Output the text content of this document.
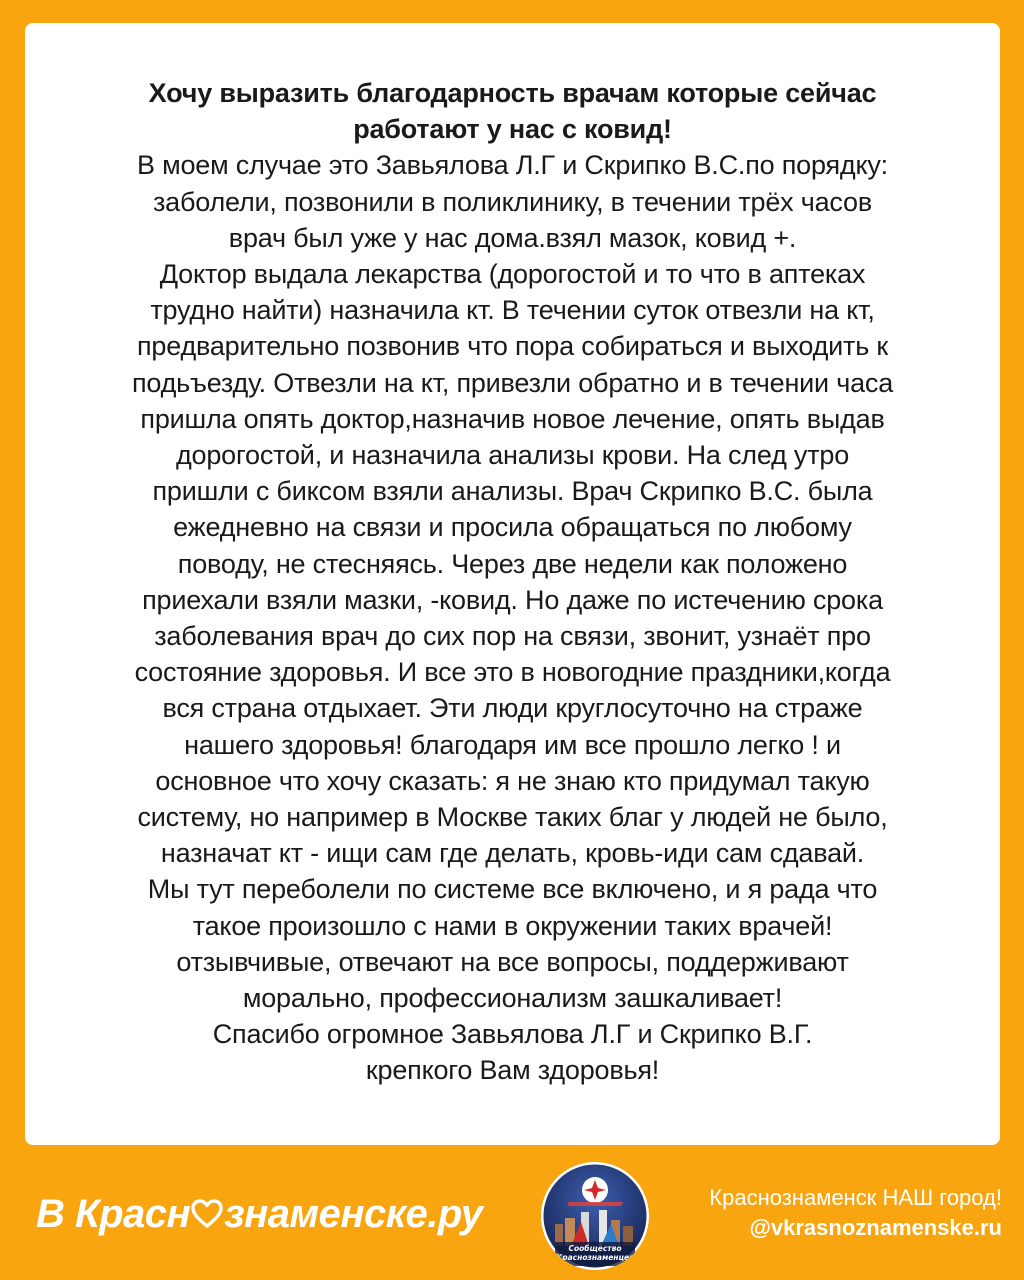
Хочу выразить благодарность врачам которые сейчас
работают у нас с ковид!
В моем случае это Завьялова Л.Г и Скрипко В.С.по порядку:
заболели, позвонили в поликлинику, в течении трёх часов
врач был уже у нас дома.взял мазок, ковид +.
Доктор выдала лекарства (дорогостой и то что в аптеках
трудно найти) назначила кт. В течении суток отвезли на кт,
предварительно позвонив что пора собираться и выходить к
подьъезду. Отвезли на кт, привезли обратно и в течении часа
пришла опять доктор,назначив новое лечение, опять выдав
дорогостой, и назначила анализы крови. На след утро
пришли с биксом взяли анализы. Врач Скрипко В.С. была
ежедневно на связи и просила обращаться по любому
поводу, не стесняясь. Через две недели как положено
приехали взяли мазки, -ковид. Но даже по истечению срока
заболевания врач до сих пор на связи, звонит, узнаёт про
состояние здоровья. И все это в новогодние праздники,когда
вся страна отдыхает. Эти люди круглосуточно на страже
нашего здоровья! благодаря им все прошло легко ! и
основное что хочу сказать: я не знаю кто придумал такую
систему, но например в Москве таких благ у людей не было,
назначат кт - ищи сам где делать, кровь-иди сам сдавай.
Мы тут переболели по системе все включено, и я рада что
такое произошло с нами в окружении таких врачей!
отзывчивые, отвечают на все вопросы, поддерживают
морально, профессионализм зашкаливает!
Спасибо огромное Завьялова Л.Г и Скрипко В.Г.
крепкого Вам здоровья!

В Красн знаменске.ру
Сообщество
Краснознаменцев
Краснознаменск НАШ город!
@vkrasnoznamenske.ru
